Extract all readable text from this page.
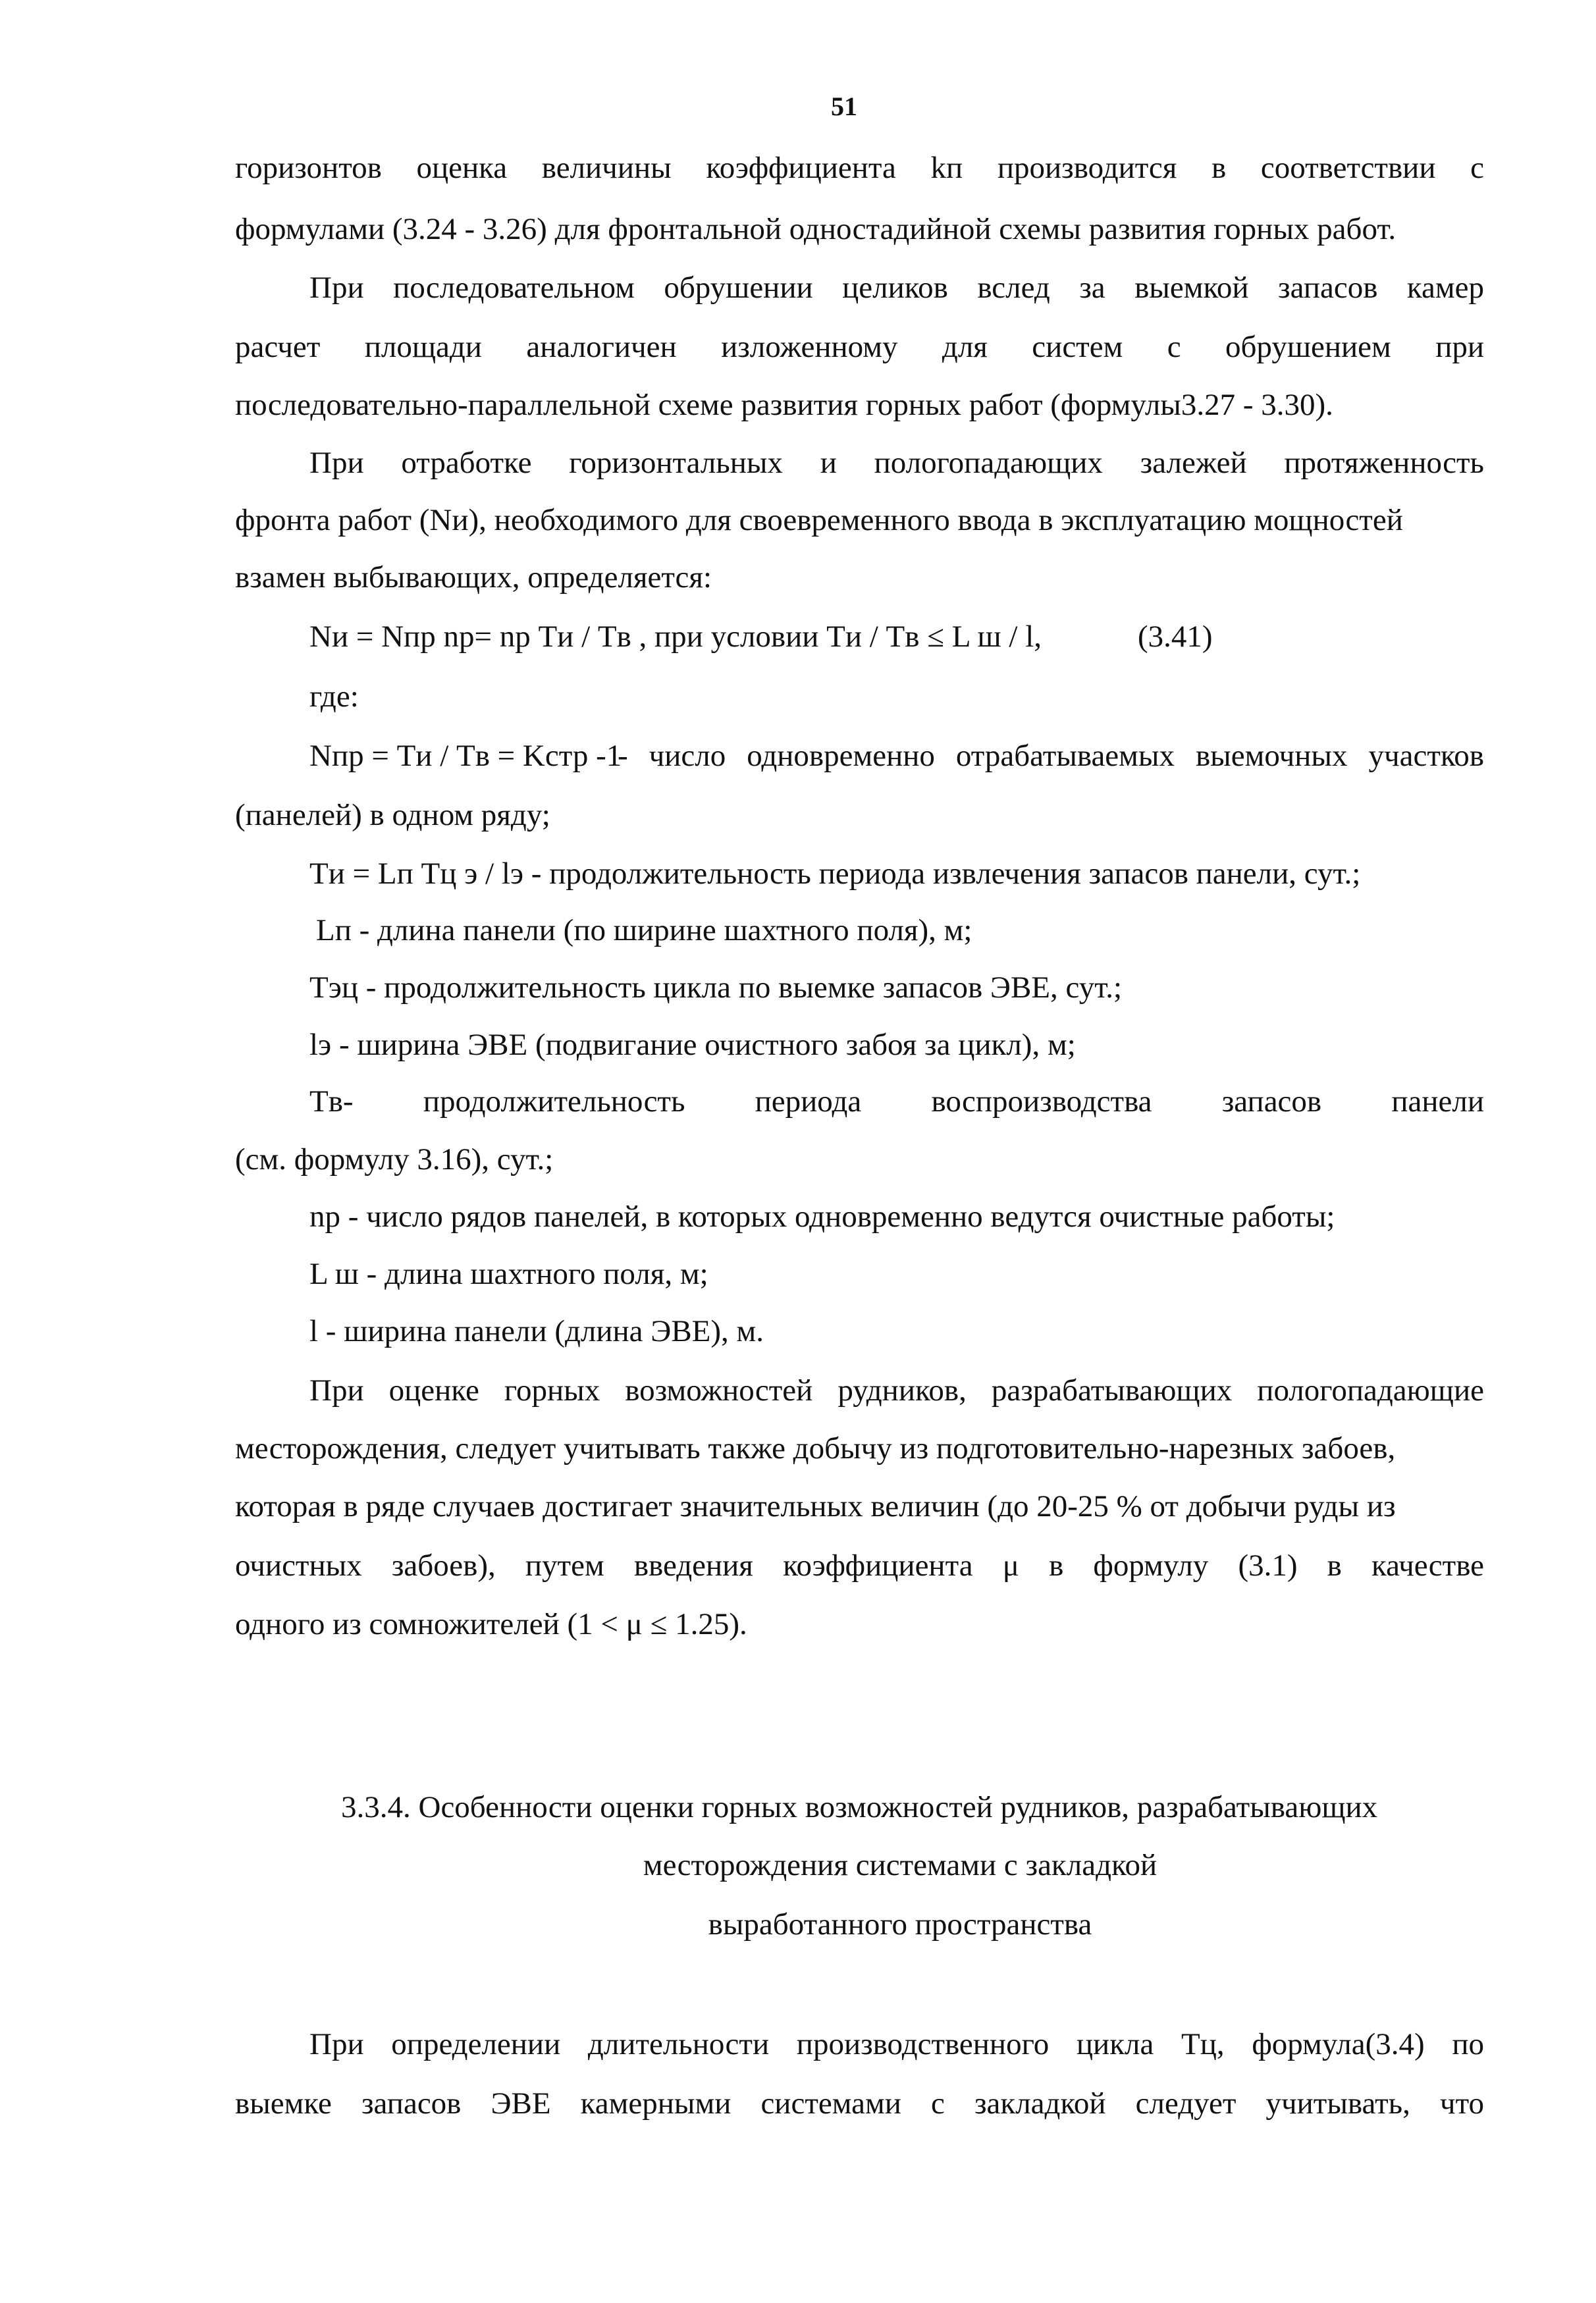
51
горизонтов оценка величины коэффициента kп производится в соответствии с
формулами (3.24 - 3.26) для фронтальной одностадийной схемы развития горных работ.
При последовательном обрушении целиков вслед за выемкой запасов камер
расчет площади аналогичен изложенному для систем с обрушением при
последовательно-параллельной схеме развития горных работ (формулы3.27 - 3.30).
При отработке горизонтальных и пологопадающих залежей протяженность
фронта работ (Nи), необходимого для своевременного ввода в эксплуатацию мощностей
взамен выбывающих, определяется:
Nи = Nпр nр= nр Tи / Tв , при условии Tи / Tв ≤ L ш / l,	(3.41)
где:
Nпр = Tи / Tв = Kстр -1
- число одновременно отрабатываемых выемочных участков
(панелей) в одном ряду;
Tи = Lп Tц э / lэ - продолжительность периода извлечения запасов панели, сут.;
Lп - длина панели (по ширине шахтного поля), м;
Tэц - продолжительность цикла по выемке запасов ЭВЕ, сут.;
lэ - ширина ЭВЕ (подвигание очистного забоя за цикл), м;
Tв- продолжительность периода воспроизводства запасов панели
(см. формулу 3.16), сут.;
nр - число рядов панелей, в которых одновременно ведутся очистные работы;
L ш - длина шахтного поля, м;
l - ширина панели (длина ЭВЕ), м.
При оценке горных возможностей рудников, разрабатывающих пологопадающие
месторождения, следует учитывать также добычу из подготовительно-нарезных забоев,
которая в ряде случаев достигает значительных величин (до 20-25 % от добычи руды из
очистных забоев), путем введения коэффициента μ в формулу (3.1) в качестве
одного из сомножителей (1 < μ ≤ 1.25).
3.3.4. Особенности оценки горных возможностей рудников, разрабатывающих
месторождения системами с закладкой
выработанного пространства
При определении длительности производственного цикла Tц, формула(3.4) по
выемке запасов ЭВЕ камерными системами с закладкой следует учитывать, что
